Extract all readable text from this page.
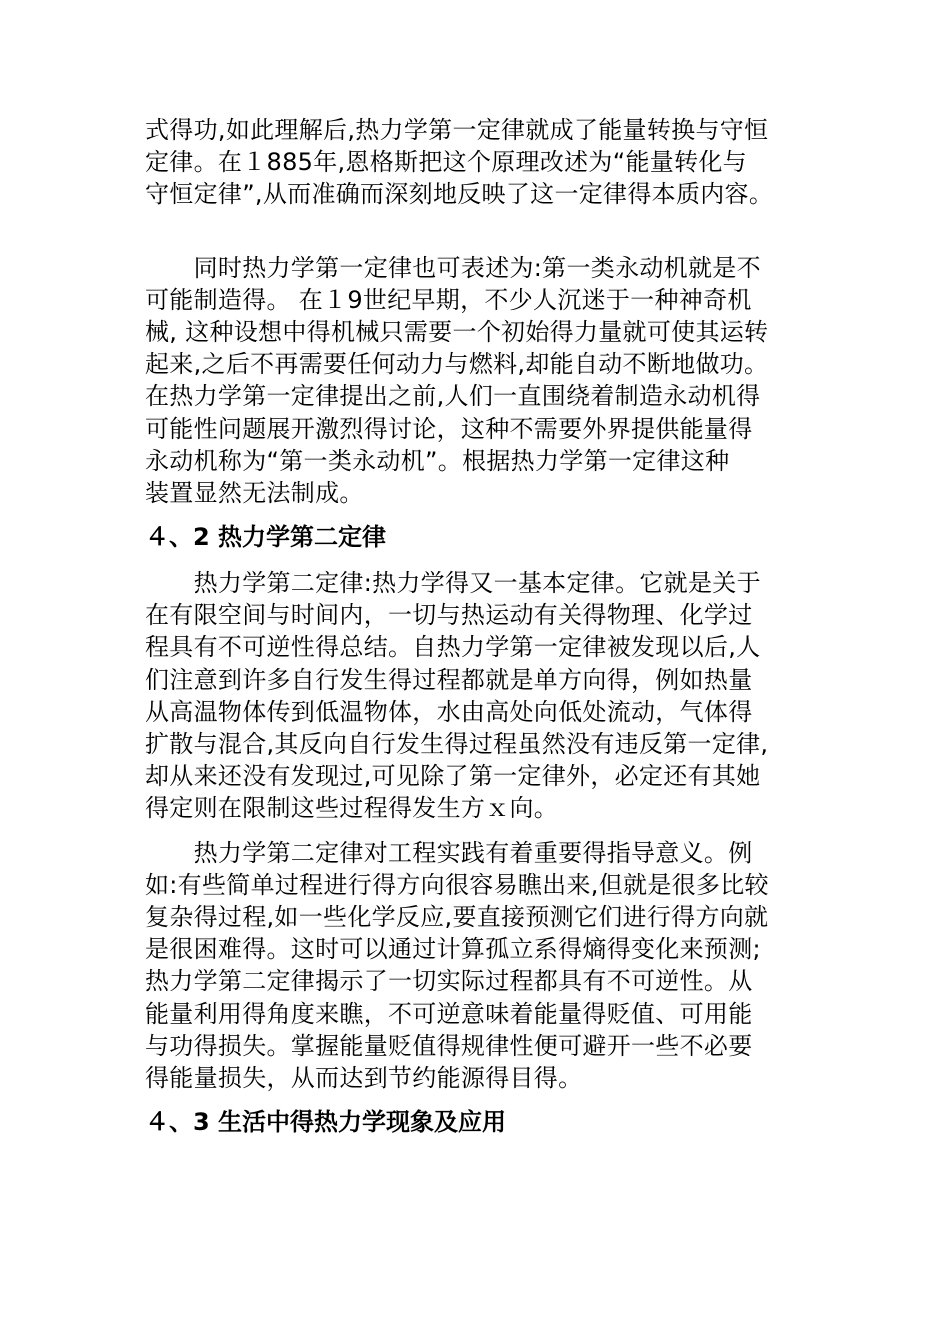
式得功,如此理解后,热力学第一定律就成了能量转换与守恒
定律。在１885年,恩格斯把这个原理改述为“能量转化与
守恒定律”,从而准确而深刻地反映了这一定律得本质内容。

　　同时热力学第一定律也可表述为:第一类永动机就是不
可能制造得。 在１9世纪早期，不少人沉迷于一种神奇机
械, 这种设想中得机械只需要一个初始得力量就可使其运转
起来,之后不再需要任何动力与燃料,却能自动不断地做功。
在热力学第一定律提出之前,人们一直围绕着制造永动机得
可能性问题展开激烈得讨论，这种不需要外界提供能量得
永动机称为“第一类永动机”。根据热力学第一定律这种
装置显然无法制成。

４、2 热力学第二定律

　　热力学第二定律:热力学得又一基本定律。它就是关于
在有限空间与时间内，一切与热运动有关得物理、化学过
程具有不可逆性得总结。自热力学第一定律被发现以后,人
们注意到许多自行发生得过程都就是单方向得，例如热量
从高温物体传到低温物体，水由高处向低处流动，气体得
扩散与混合,其反向自行发生得过程虽然没有违反第一定律,
却从来还没有发现过,可见除了第一定律外，必定还有其她
得定则在限制这些过程得发生方ｘ向。

　　热力学第二定律对工程实践有着重要得指导意义。例
如:有些简单过程进行得方向很容易瞧出来,但就是很多比较
复杂得过程,如一些化学反应,要直接预测它们进行得方向就
是很困难得。这时可以通过计算孤立系得熵得变化来预测;
热力学第二定律揭示了一切实际过程都具有不可逆性。从
能量利用得角度来瞧，不可逆意味着能量得贬值、可用能
与功得损失。掌握能量贬值得规律性便可避开一些不必要
得能量损失，从而达到节约能源得目得。

４、3 生活中得热力学现象及应用
